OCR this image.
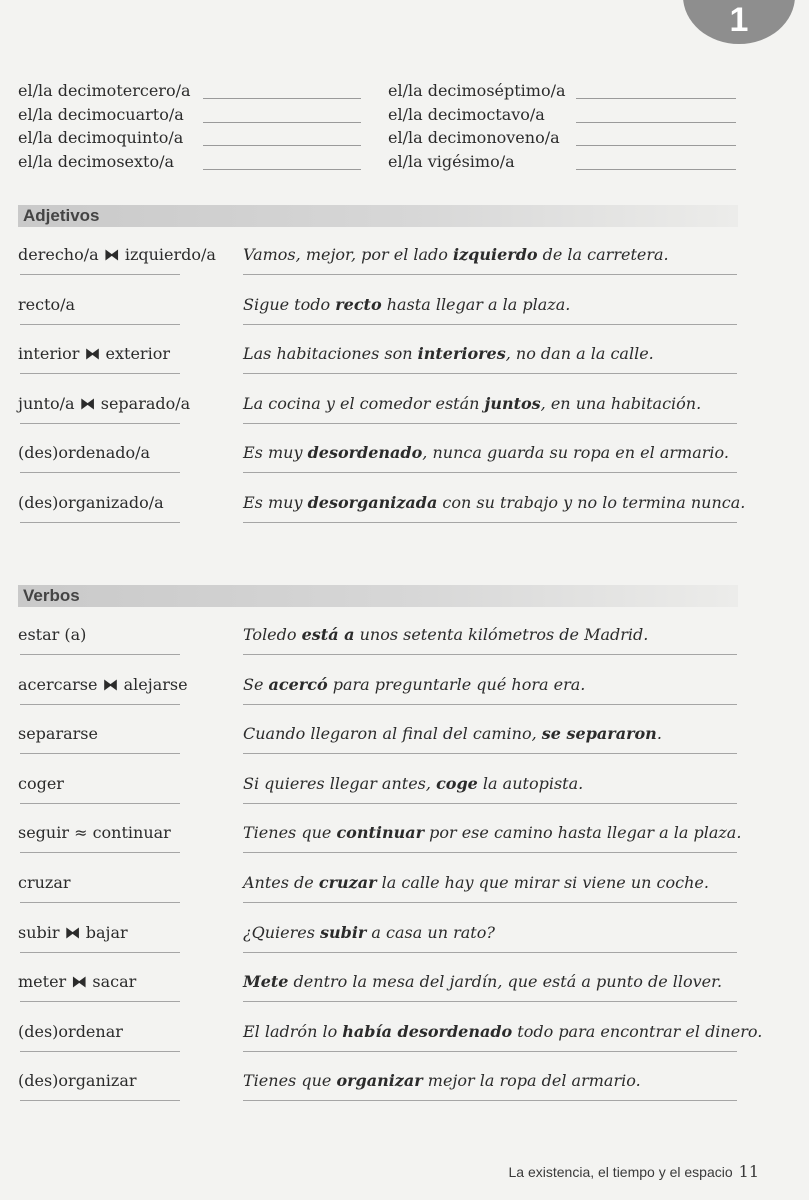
1
el/la decimotercero/a	el/la decimoséptimo/a
el/la decimocuarto/a	el/la decimoctavo/a
el/la decimoquinto/a	el/la decimonoveno/a
el/la decimosexto/a	el/la vigésimo/a
Adjetivos
derecho/a ⧓ izquierdo/a	Vamos, mejor, por el lado izquierdo de la carretera.
recto/a	Sigue todo recto hasta llegar a la plaza.
interior ⧓ exterior	Las habitaciones son interiores, no dan a la calle.
junto/a ⧓ separado/a	La cocina y el comedor están juntos, en una habitación.
(des)ordenado/a	Es muy desordenado, nunca guarda su ropa en el armario.
(des)organizado/a	Es muy desorganizada con su trabajo y no lo termina nunca.
Verbos
estar (a)	Toledo está a unos setenta kilómetros de Madrid.
acercarse ⧓ alejarse	Se acercó para preguntarle qué hora era.
separarse	Cuando llegaron al final del camino, se separaron.
coger	Si quieres llegar antes, coge la autopista.
seguir ≈ continuar	Tienes que continuar por ese camino hasta llegar a la plaza.
cruzar	Antes de cruzar la calle hay que mirar si viene un coche.
subir ⧓ bajar	¿Quieres subir a casa un rato?
meter ⧓ sacar	Mete dentro la mesa del jardín, que está a punto de llover.
(des)ordenar	El ladrón lo había desordenado todo para encontrar el dinero.
(des)organizar	Tienes que organizar mejor la ropa del armario.
La existencia, el tiempo y el espacio 11
